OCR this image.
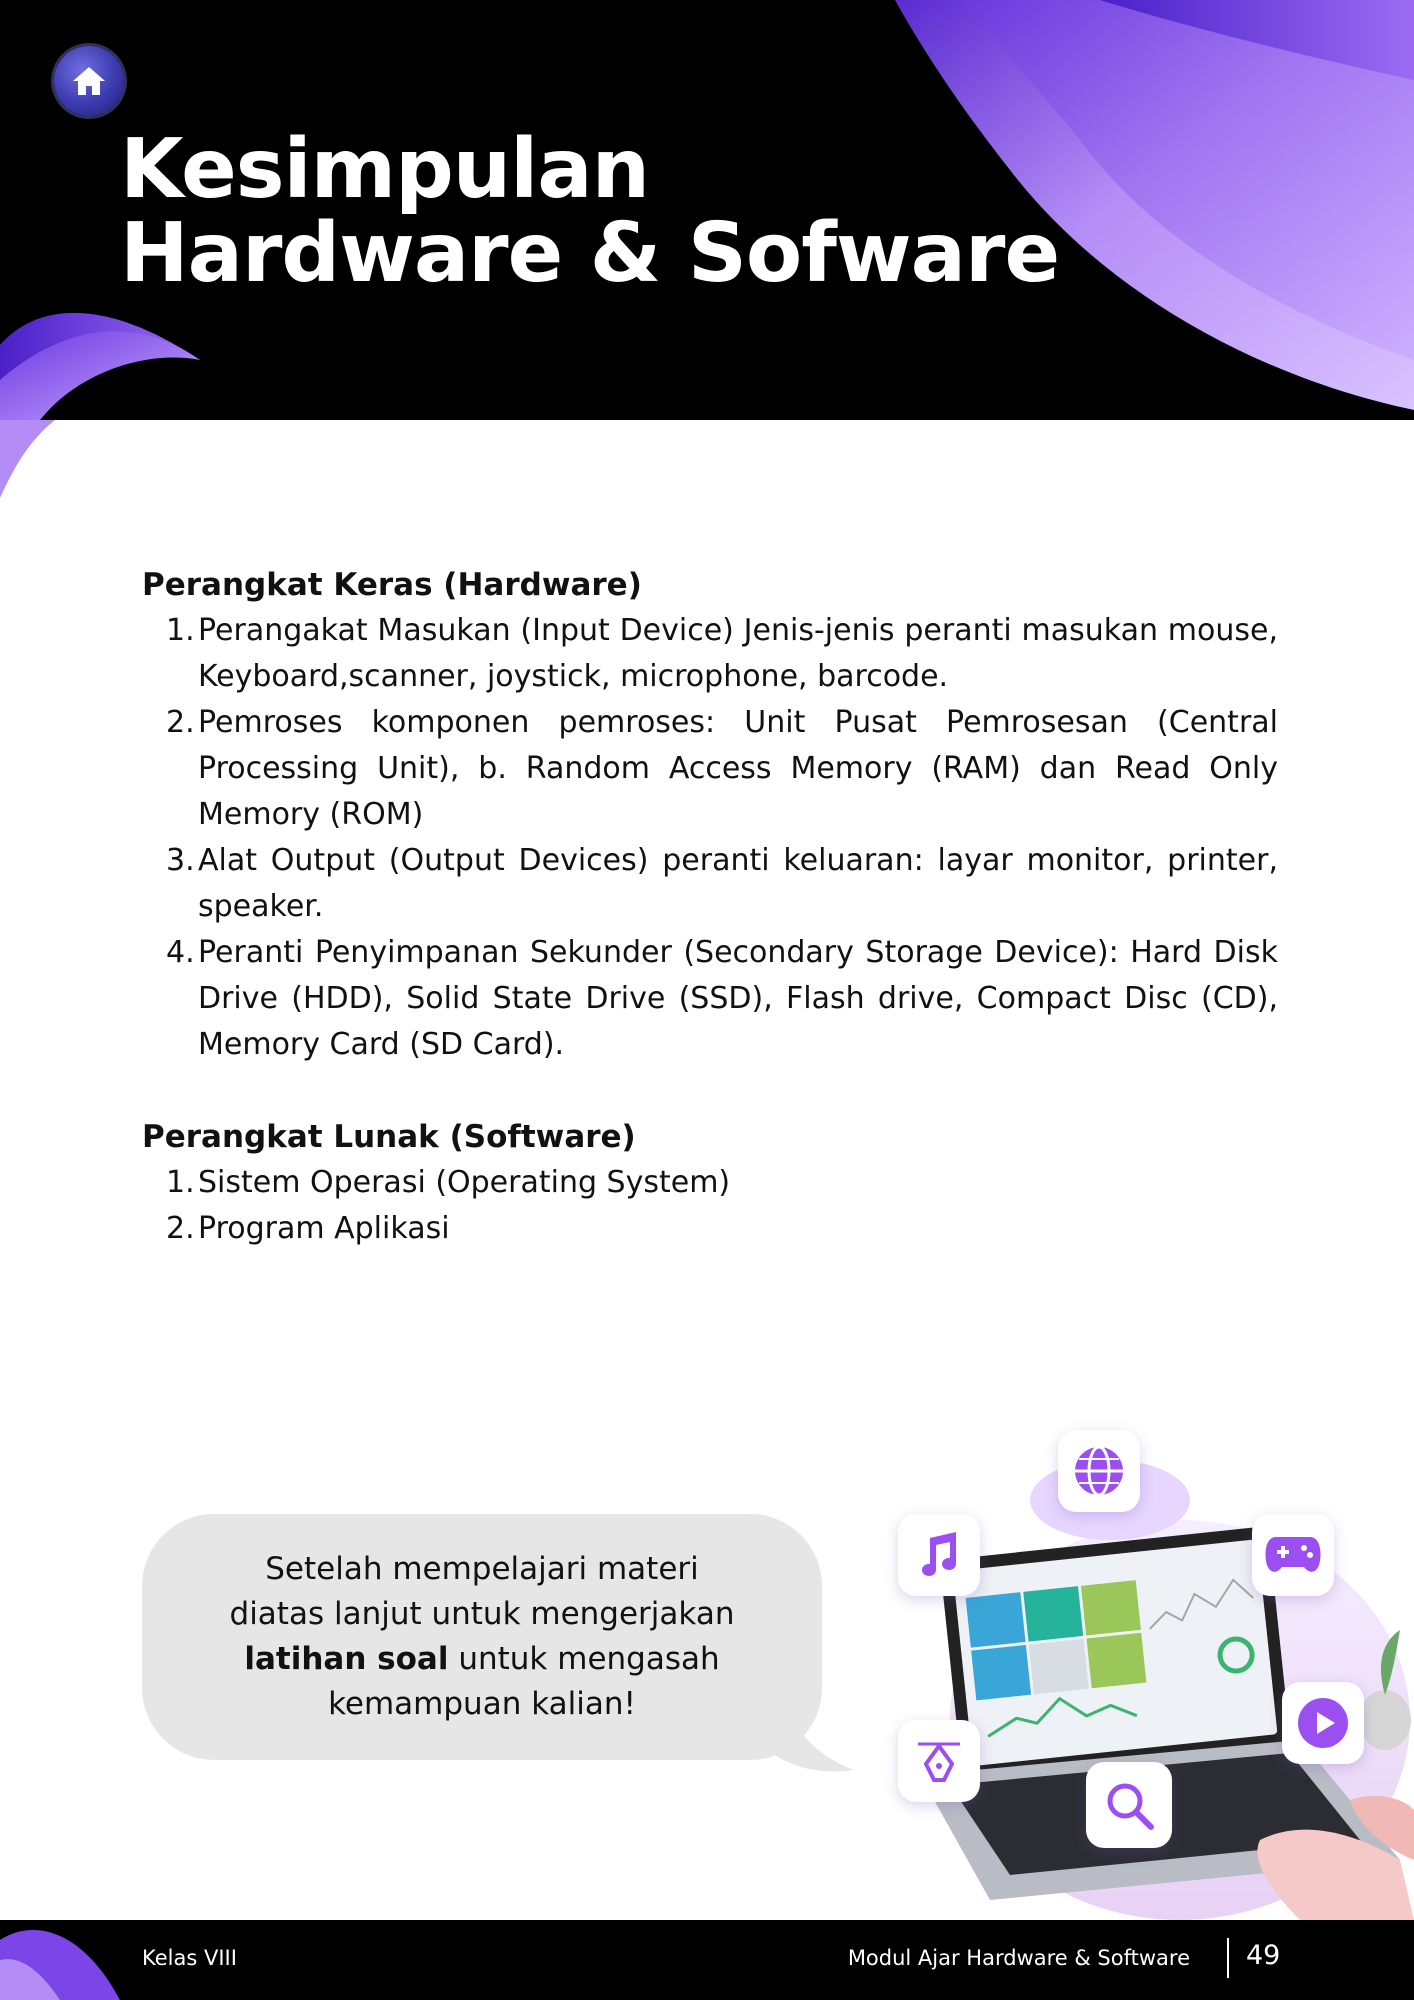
Kesimpulan
Hardware & Sofware
Perangkat Keras (Hardware)
1. Perangakat Masukan (Input Device) Jenis-jenis peranti masukan mouse, Keyboard,scanner, joystick, microphone, barcode.
2. Pemroses komponen pemroses: Unit Pusat Pemrosesan (Central Processing Unit), b. Random Access Memory (RAM) dan Read Only Memory (ROM)
3. Alat Output (Output Devices) peranti keluaran: layar monitor, printer, speaker.
4. Peranti Penyimpanan Sekunder (Secondary Storage Device): Hard Disk Drive (HDD), Solid State Drive (SSD), Flash drive, Compact Disc (CD), Memory Card (SD Card).
Perangkat Lunak (Software)
1. Sistem Operasi (Operating System)
2. Program Aplikasi

Setelah mempelajari materi
diatas lanjut untuk mengerjakan
latihan soal untuk mengasah
kemampuan kalian!

Kelas VIII	Modul Ajar Hardware & Software 49
